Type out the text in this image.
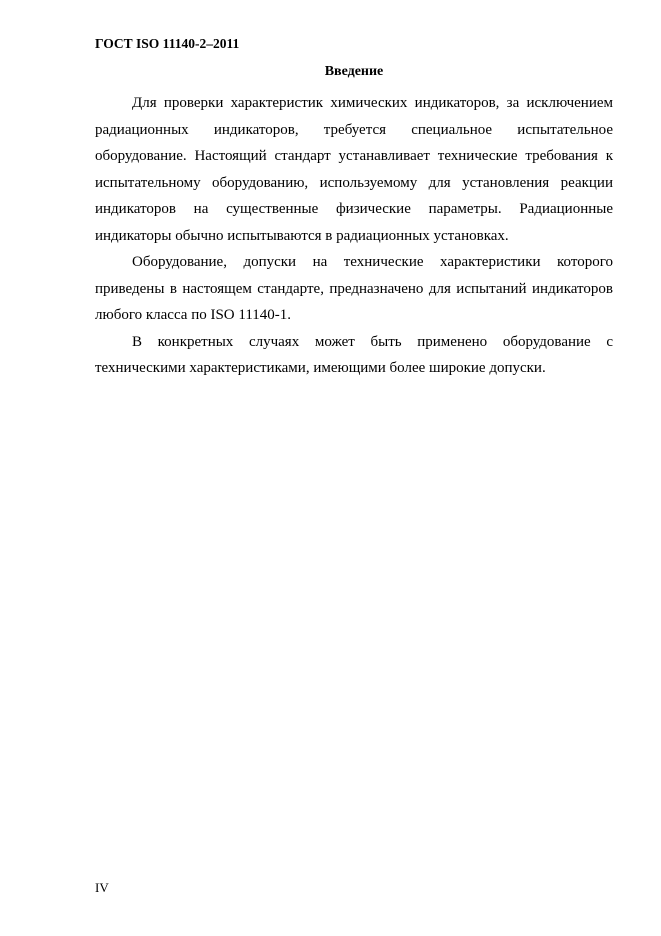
ГОСТ ISO 11140-2–2011
Введение

Для проверки характеристик химических индикаторов, за исключением радиационных индикаторов, требуется специальное испытательное оборудование. Настоящий стандарт устанавливает технические требования к испытательному оборудованию, используемому для установления реакции индикаторов на существенные физические параметры. Радиационные индикаторы обычно испытываются в радиационных установках.

Оборудование, допуски на технические характеристики которого приведены в настоящем стандарте, предназначено для испытаний индикаторов любого класса по ISO 11140-1.

В конкретных случаях может быть применено оборудование с техническими характеристиками, имеющими более широкие допуски.

IV
